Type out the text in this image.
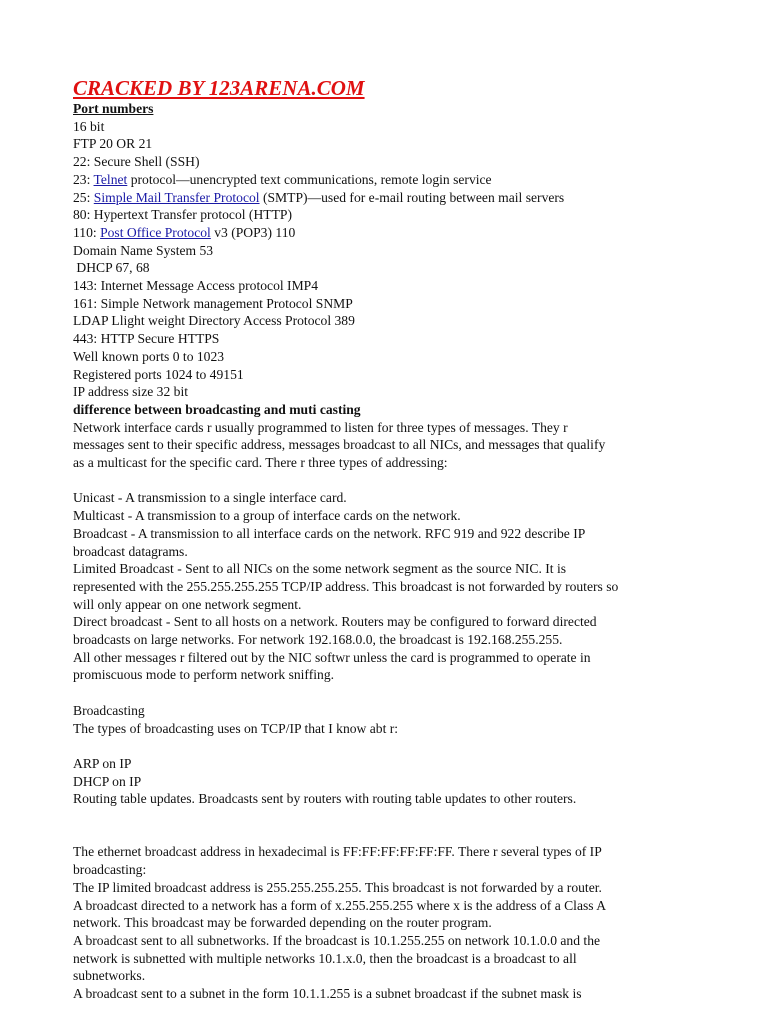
CRACKED BY 123ARENA.COM
Port numbers
16 bit
FTP 20 OR 21
22: Secure Shell (SSH)
23: Telnet protocol—unencrypted text communications, remote login service
25: Simple Mail Transfer Protocol (SMTP)—used for e-mail routing between mail servers
80: Hypertext Transfer protocol (HTTP)
110: Post Office Protocol v3 (POP3) 110
Domain Name System 53
DHCP 67, 68
143: Internet Message Access protocol IMP4
161: Simple Network management Protocol SNMP
LDAP Llight weight Directory Access Protocol 389
443: HTTP Secure HTTPS
Well known ports 0 to 1023
Registered ports 1024 to 49151
IP address size 32 bit
difference between broadcasting and muti casting
Network interface cards r usually programmed to listen for three types of messages. They r
messages sent to their specific address, messages broadcast to all NICs, and messages that qualify
as a multicast for the specific card. There r three types of addressing:
Unicast - A transmission to a single interface card.
Multicast - A transmission to a group of interface cards on the network.
Broadcast - A transmission to all interface cards on the network. RFC 919 and 922 describe IP
broadcast datagrams.
Limited Broadcast - Sent to all NICs on the some network segment as the source NIC. It is
represented with the 255.255.255.255 TCP/IP address. This broadcast is not forwarded by routers so
will only appear on one network segment.
Direct broadcast - Sent to all hosts on a network. Routers may be configured to forward directed
broadcasts on large networks. For network 192.168.0.0, the broadcast is 192.168.255.255.
All other messages r filtered out by the NIC softwr unless the card is programmed to operate in
promiscuous mode to perform network sniffing.
Broadcasting
The types of broadcasting uses on TCP/IP that I know abt r:
ARP on IP
DHCP on IP
Routing table updates. Broadcasts sent by routers with routing table updates to other routers.
The ethernet broadcast address in hexadecimal is FF:FF:FF:FF:FF:FF. There r several types of IP
broadcasting:
The IP limited broadcast address is 255.255.255.255. This broadcast is not forwarded by a router.
A broadcast directed to a network has a form of x.255.255.255 where x is the address of a Class A
network. This broadcast may be forwarded depending on the router program.
A broadcast sent to all subnetworks. If the broadcast is 10.1.255.255 on network 10.1.0.0 and the
network is subnetted with multiple networks 10.1.x.0, then the broadcast is a broadcast to all
subnetworks.
A broadcast sent to a subnet in the form 10.1.1.255 is a subnet broadcast if the subnet mask is
